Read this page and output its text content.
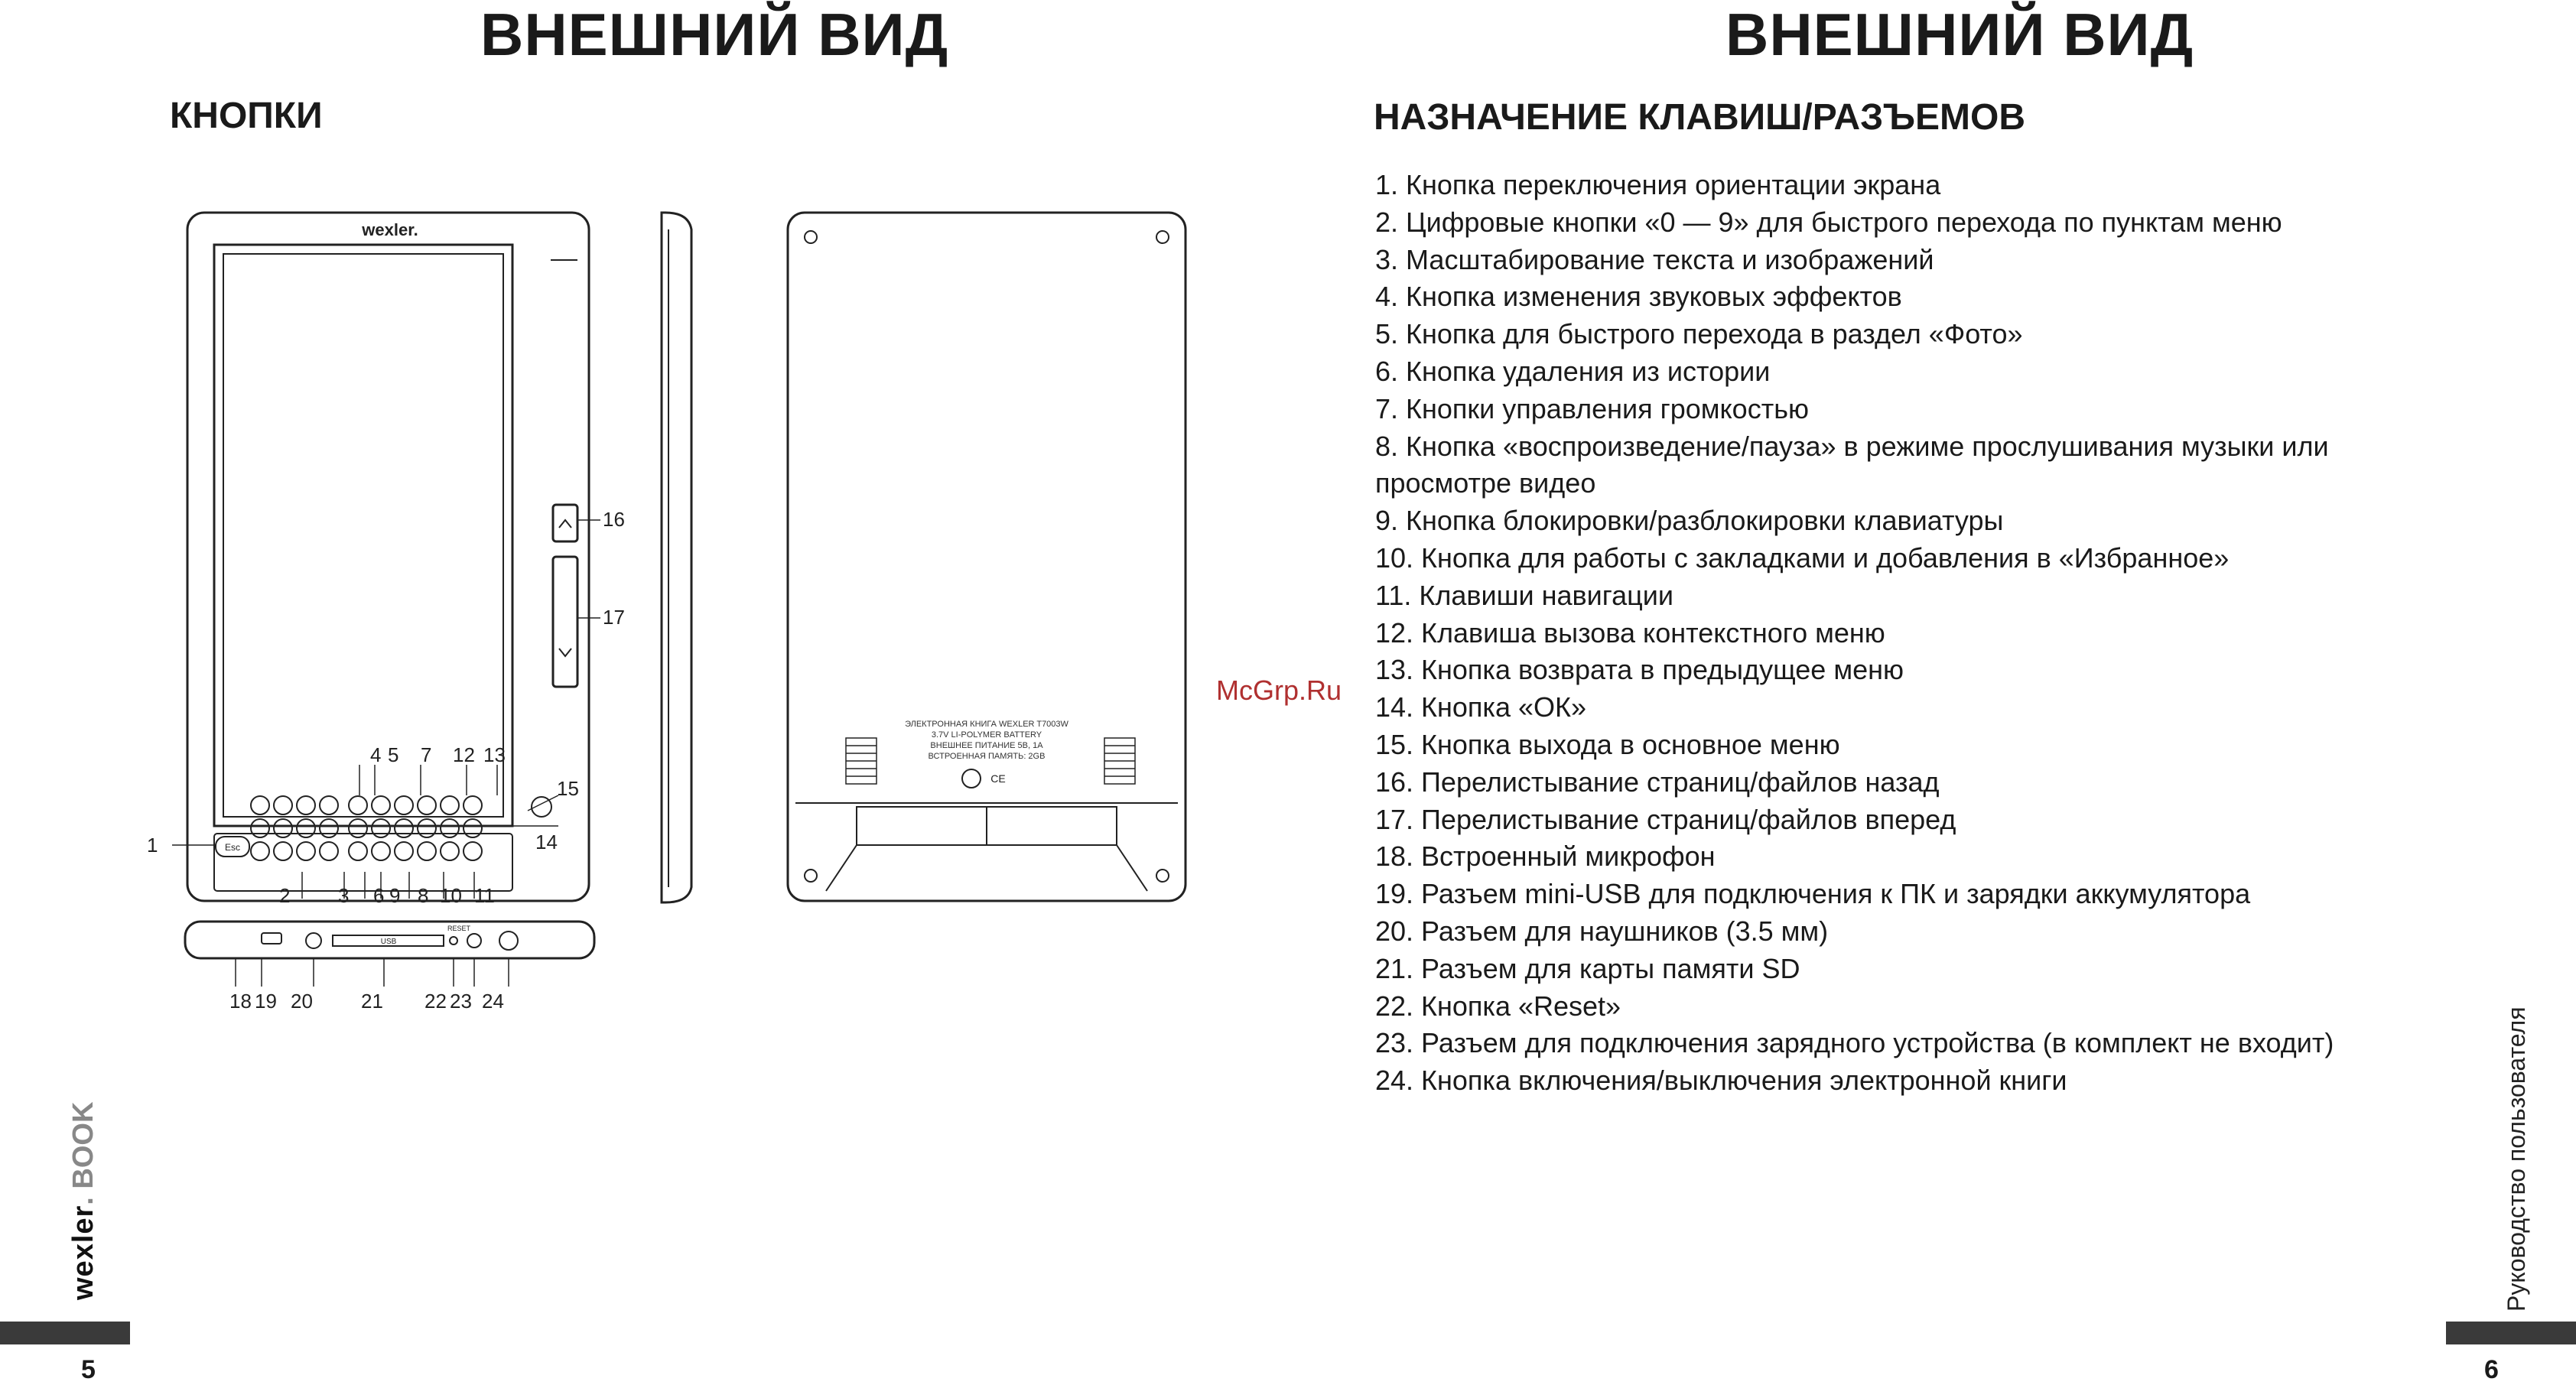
ВНЕШНИЙ ВИД
КНОПКИ
wexler.
Esc
ЭЛЕКТРОННАЯ КНИГА WEXLER T7003W
3.7V LI-POLYMER BATTERY
ВНЕШНЕЕ ПИТАНИЕ 5В, 1А
ВСТРОЕННАЯ ПАМЯТЬ: 2GB
CE
USB
RESET
1
2 3 6 9 8 10 11
4 5 7 12 13
15
14
16
17
18 19 20 21 22 23 24
wexler. BOOK
5
McGrp.Ru
ВНЕШНИЙ ВИД
НАЗНАЧЕНИЕ КЛАВИШ/РАЗЪЕМОВ
1. Кнопка переключения ориентации экрана
2. Цифровые кнопки «0 — 9» для быстрого перехода по пунктам меню
3. Масштабирование текста и изображений
4. Кнопка изменения звуковых эффектов
5. Кнопка для быстрого перехода в раздел «Фото»
6. Кнопка удаления из истории
7. Кнопки управления громкостью
8. Кнопка «воспроизведение/пауза» в режиме прослушивания музыки или просмотре видео
9. Кнопка блокировки/разблокировки клавиатуры
10. Кнопка для работы с закладками и добавления в «Избранное»
11. Клавиши навигации
12. Клавиша вызова контекстного меню
13. Кнопка возврата в предыдущее меню
14. Кнопка «ОК»
15. Кнопка выхода в основное меню
16. Перелистывание страниц/файлов назад
17. Перелистывание страниц/файлов вперед
18. Встроенный микрофон
19. Разъем mini-USB для подключения к ПК и зарядки аккумулятора
20. Разъем для наушников (3.5 мм)
21. Разъем для карты памяти SD
22. Кнопка «Reset»
23. Разъем для подключения зарядного устройства (в комплект не входит)
24. Кнопка включения/выключения электронной книги	Руководство пользователя
6
